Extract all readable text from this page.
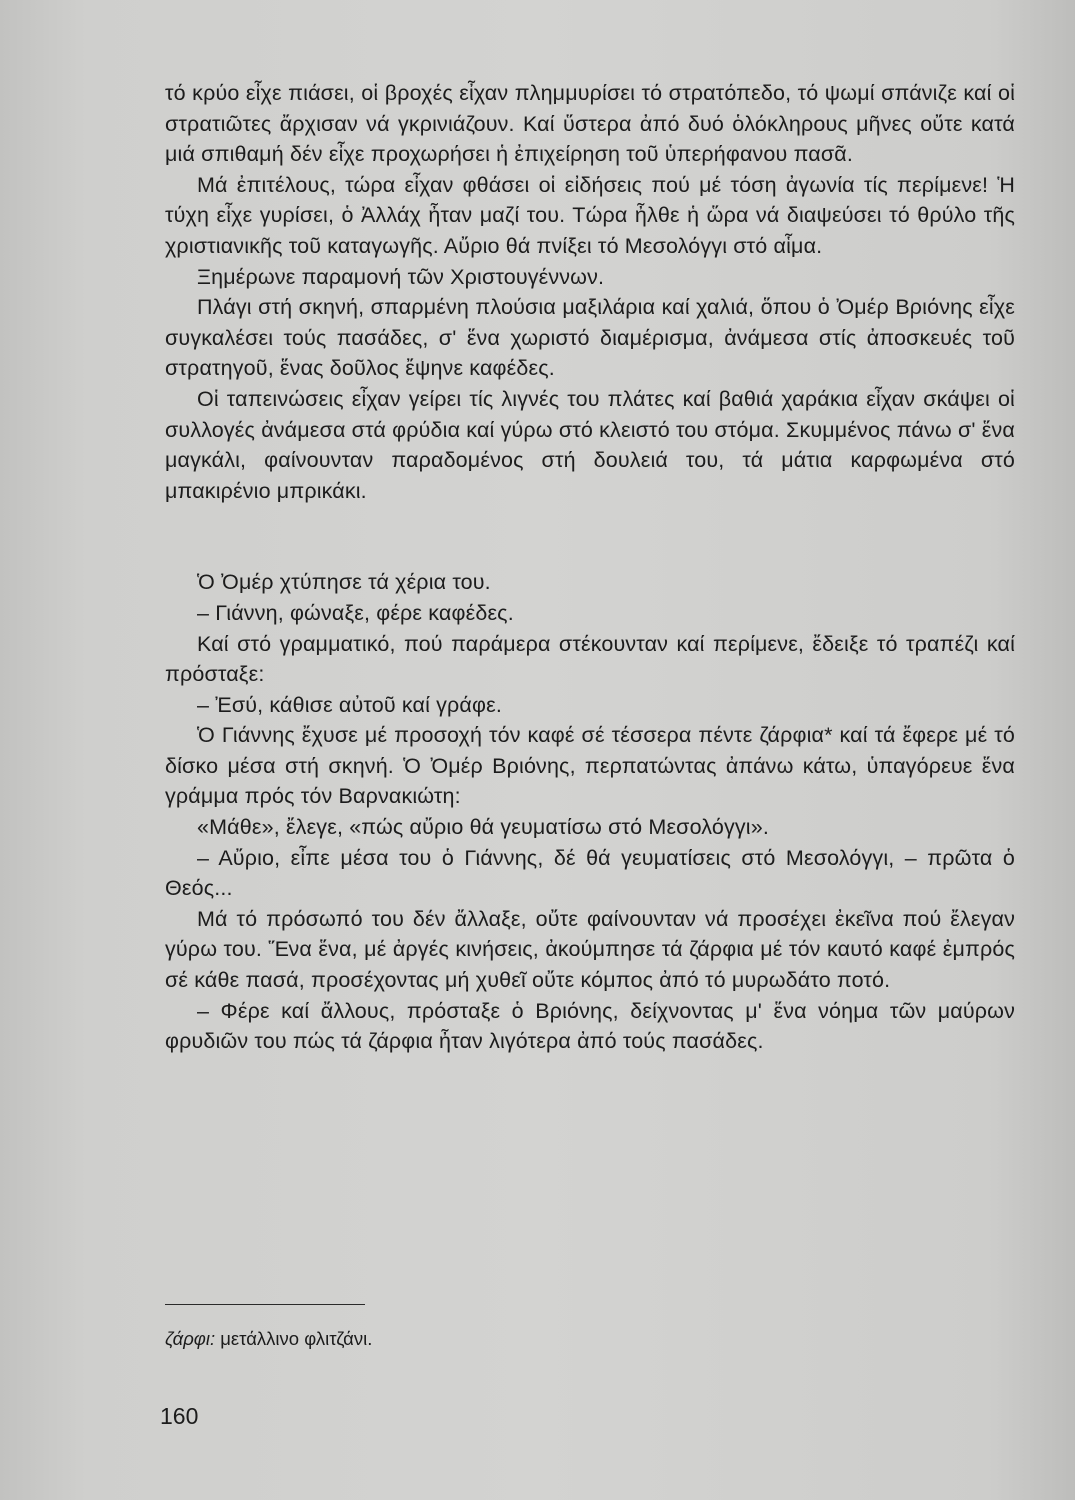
τό κρύο εἶχε πιάσει, οἱ βροχές εἶχαν πλημμυρίσει τό στρατόπεδο, τό ψωμί σπάνιζε καί οἱ στρατιῶτες ἄρχισαν νά γκρινιάζουν. Καί ὕστερα ἀπό δυό ὁλόκληρους μῆνες οὔτε κατά μιά σπιθαμή δέν εἶχε προχωρήσει ἡ ἐπιχείρηση τοῦ ὑπερήφανου πασᾶ.

Μά ἐπιτέλους, τώρα εἶχαν φθάσει οἱ εἰδήσεις πού μέ τόση ἀγωνία τίς περίμενε! Ἡ τύχη εἶχε γυρίσει, ὁ Ἀλλάχ ἦταν μαζί του. Τώρα ἦλθε ἡ ὥρα νά διαψεύσει τό θρύλο τῆς χριστιανικῆς τοῦ καταγωγῆς. Αὔριο θά πνίξει τό Μεσολόγγι στό αἷμα.

Ξημέρωνε παραμονή τῶν Χριστουγέννων.

Πλάγι στή σκηνή, σπαρμένη πλούσια μαξιλάρια καί χαλιά, ὅπου ὁ Ὀμέρ Βριόνης εἶχε συγκαλέσει τούς πασάδες, σ' ἕνα χωριστό διαμέρισμα, ἀνάμεσα στίς ἀποσκευές τοῦ στρατηγοῦ, ἕνας δοῦλος ἔψηνε καφέδες.

Οἱ ταπεινώσεις εἶχαν γείρει τίς λιγνές του πλάτες καί βαθιά χαράκια εἶχαν σκάψει οἱ συλλογές ἀνάμεσα στά φρύδια καί γύρω στό κλειστό του στόμα. Σκυμμένος πάνω σ' ἕνα μαγκάλι, φαίνουνταν παραδομένος στή δουλειά του, τά μάτια καρφωμένα στό μπακιρένιο μπρικάκι.

Ὁ Ὀμέρ χτύπησε τά χέρια του.

– Γιάννη, φώναξε, φέρε καφέδες.

Καί στό γραμματικό, πού παράμερα στέκουνταν καί περίμενε, ἔδειξε τό τραπέζι καί πρόσταξε:

– Ἐσύ, κάθισε αὐτοῦ καί γράφε.

Ὁ Γιάννης ἔχυσε μέ προσοχή τόν καφέ σέ τέσσερα πέντε ζάρφια* καί τά ἔφερε μέ τό δίσκο μέσα στή σκηνή. Ὁ Ὀμέρ Βριόνης, περπατώντας ἀπάνω κάτω, ὑπαγόρευε ἕνα γράμμα πρός τόν Βαρνακιώτη:

«Μάθε», ἔλεγε, «πώς αὔριο θά γευματίσω στό Μεσολόγγι».

– Αὔριο, εἶπε μέσα του ὁ Γιάννης, δέ θά γευματίσεις στό Μεσολόγγι, – πρῶτα ὁ Θεός...

Μά τό πρόσωπό του δέν ἄλλαξε, οὔτε φαίνουνταν νά προσέχει ἐκεῖνα πού ἔλεγαν γύρω του. Ἕνα ἕνα, μέ ἀργές κινήσεις, ἀκούμπησε τά ζάρφια μέ τόν καυτό καφέ ἐμπρός σέ κάθε πασά, προσέχοντας μή χυθεῖ οὔτε κόμπος ἀπό τό μυρωδάτο ποτό.

– Φέρε καί ἄλλους, πρόσταξε ὁ Βριόνης, δείχνοντας μ' ἕνα νόημα τῶν μαύρων φρυδιῶν του πώς τά ζάρφια ἦταν λιγότερα ἀπό τούς πασάδες.

ζάρφι: μετάλλινο φλιτζάνι.
160
